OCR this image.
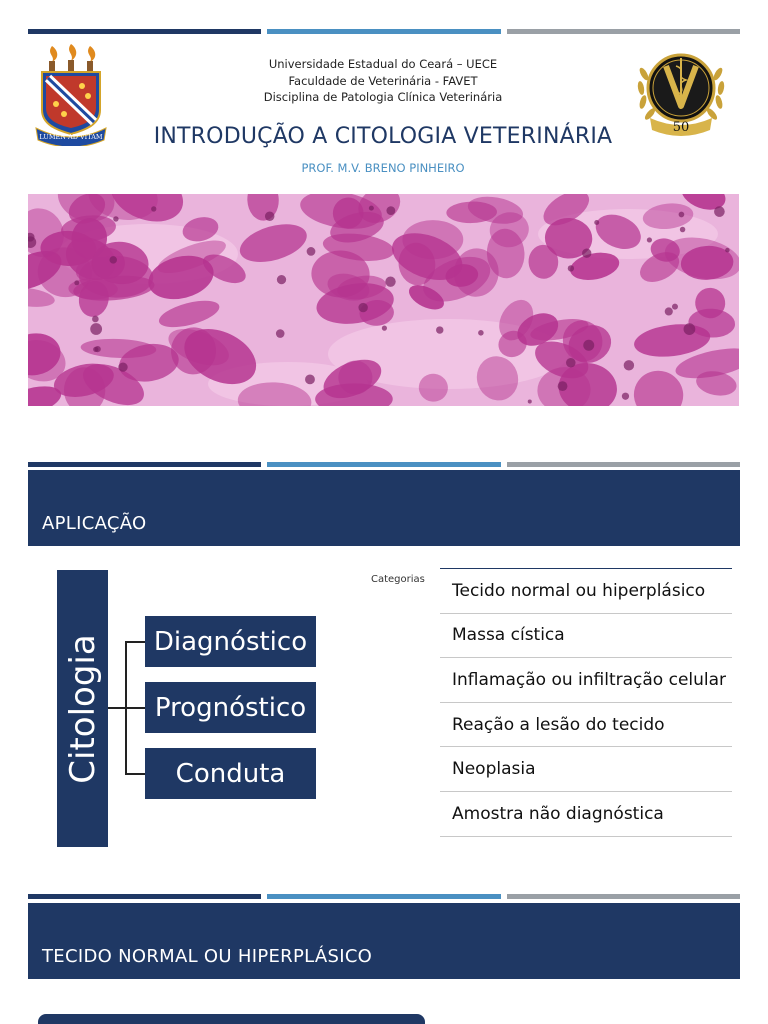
LUMEN AD VITAM
Universidade Estadual do Ceará – UECE
Faculdade de Veterinária - FAVET
Disciplina de Patologia Clínica Veterinária
50
INTRODUÇÃO A CITOLOGIA VETERINÁRIA
PROF. M.V. BRENO PINHEIRO
APLICAÇÃO
Citologia	Diagnóstico
Prognóstico
Conduta
Categorias
Tecido normal ou hiperplásico
Massa cística
Inflamação ou infiltração celular
Reação a lesão do tecido
Neoplasia
Amostra não diagnóstica
TECIDO NORMAL OU HIPERPLÁSICO
